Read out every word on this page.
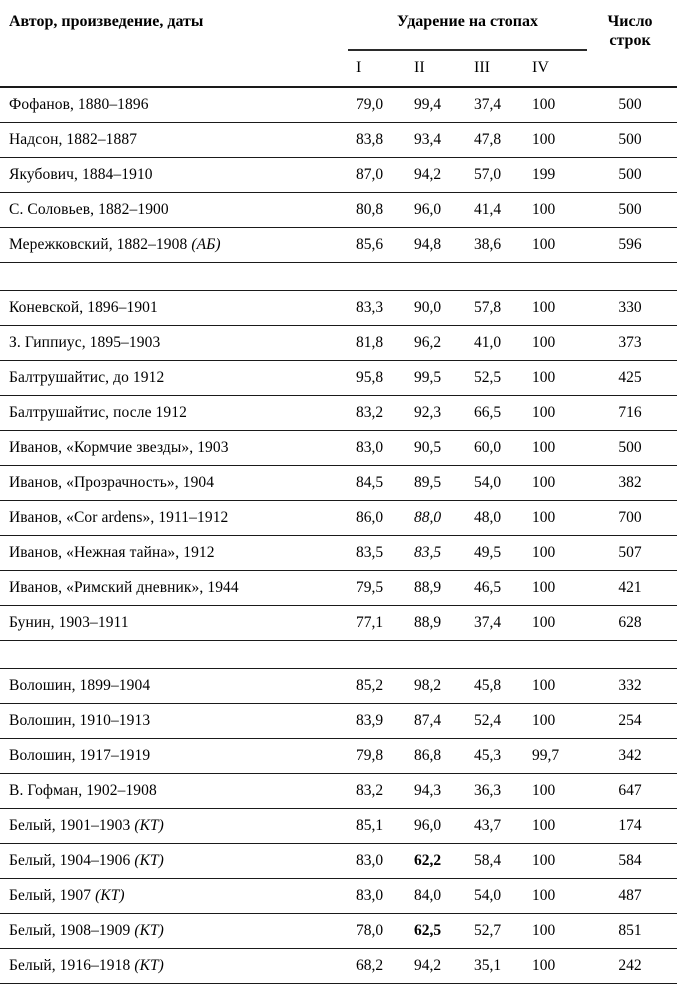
Автор, произведение, даты	Ударение на стопах				Число
строк

	I	II	III	IV	
Фофанов, 1880–1896	79,0	99,4	37,4	100	500
Надсон, 1882–1887	83,8	93,4	47,8	100	500
Якубович, 1884–1910	87,0	94,2	57,0	199	500
С. Соловьев, 1882–1900	80,8	96,0	41,4	100	500
Мережковский, 1882–1908 (АБ)	85,6	94,8	38,6	100	596

Коневской, 1896–1901	83,3	90,0	57,8	100	330
З. Гиппиус, 1895–1903	81,8	96,2	41,0	100	373
Балтрушайтис, до 1912	95,8	99,5	52,5	100	425
Балтрушайтис, после 1912	83,2	92,3	66,5	100	716
Иванов, «Кормчие звезды», 1903	83,0	90,5	60,0	100	500
Иванов, «Прозрачность», 1904	84,5	89,5	54,0	100	382
Иванов, «Cor ardens», 1911–1912	86,0	88,0	48,0	100	700
Иванов, «Нежная тайна», 1912	83,5	83,5	49,5	100	507
Иванов, «Римский дневник», 1944	79,5	88,9	46,5	100	421
Бунин, 1903–1911	77,1	88,9	37,4	100	628

Волошин, 1899–1904	85,2	98,2	45,8	100	332
Волошин, 1910–1913	83,9	87,4	52,4	100	254
Волошин, 1917–1919	79,8	86,8	45,3	99,7	342
В. Гофман, 1902–1908	83,2	94,3	36,3	100	647
Белый, 1901–1903 (КТ)	85,1	96,0	43,7	100	174
Белый, 1904–1906 (КТ)	83,0	62,2	58,4	100	584
Белый, 1907 (КТ)	83,0	84,0	54,0	100	487
Белый, 1908–1909 (КТ)	78,0	62,5	52,7	100	851
Белый, 1916–1918 (КТ)	68,2	94,2	35,1	100	242
